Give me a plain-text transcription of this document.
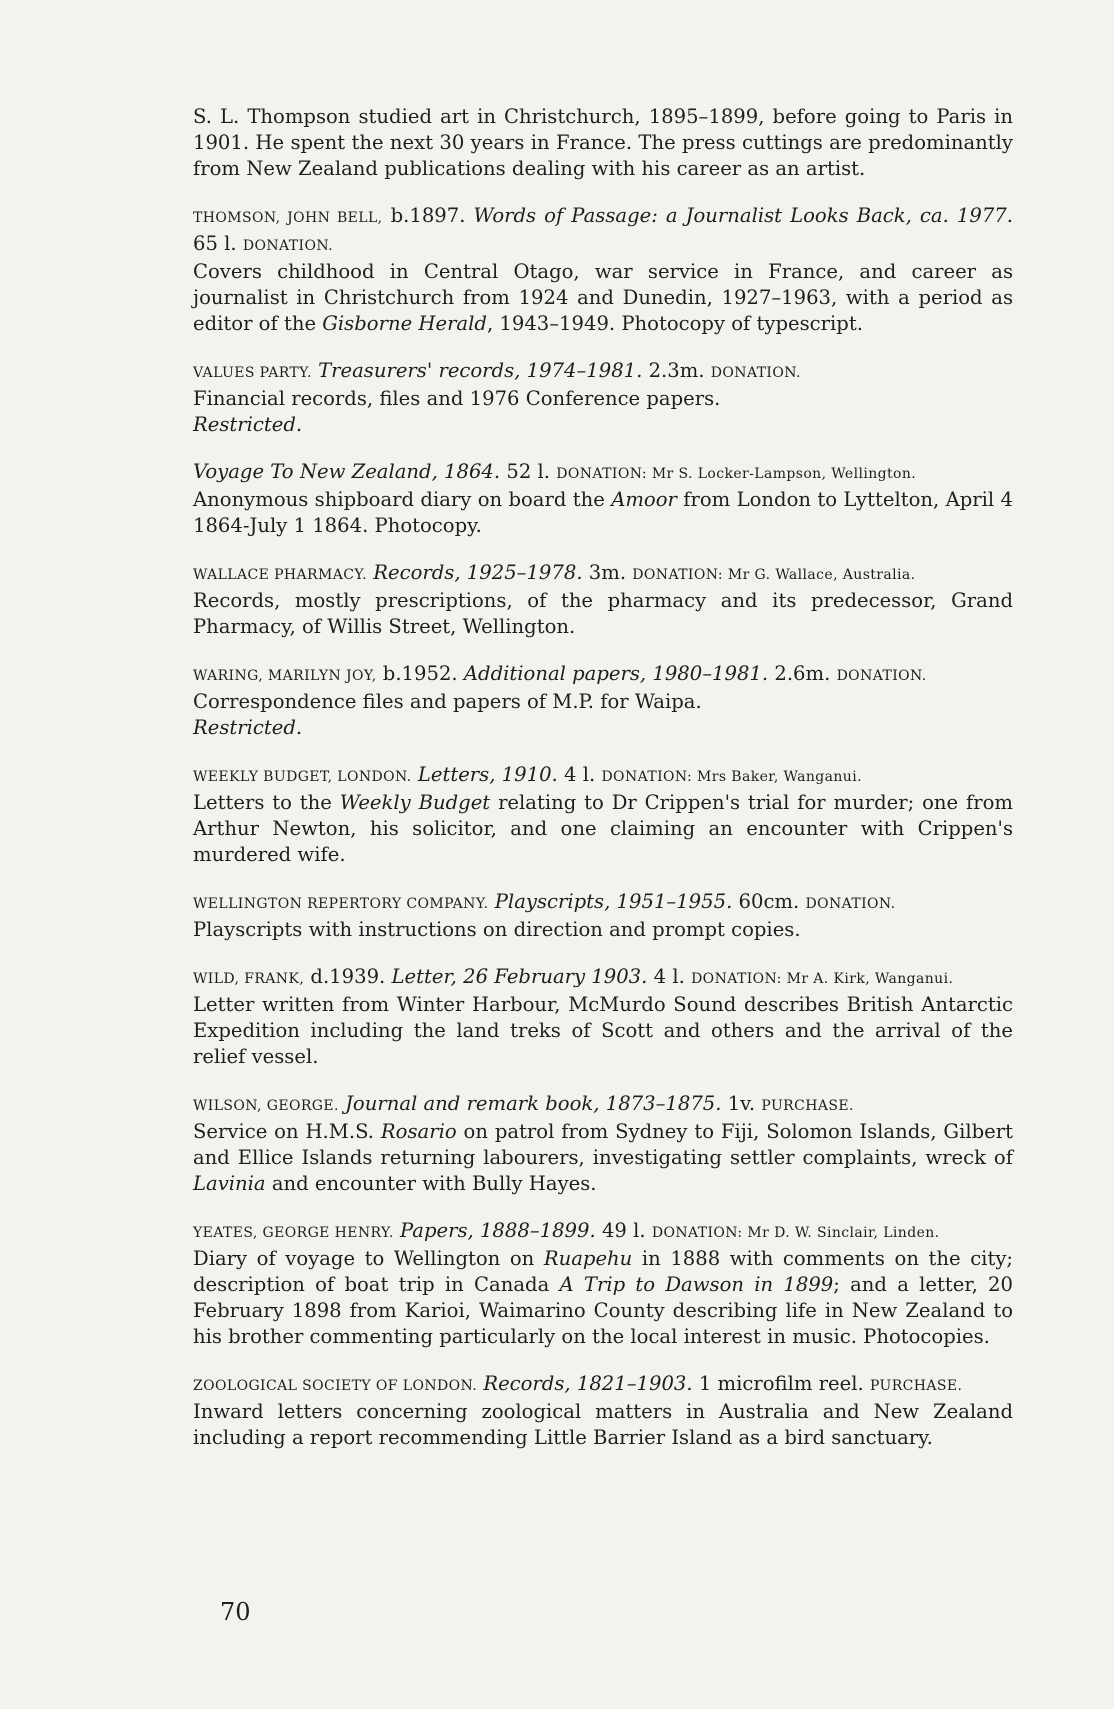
S. L. Thompson studied art in Christchurch, 1895–1899, before going to Paris in 1901. He spent the next 30 years in France. The press cuttings are predominantly from New Zealand publications dealing with his career as an artist.

THOMSON, JOHN BELL, b.1897. Words of Passage: a Journalist Looks Back, ca. 1977. 65 l. DONATION.

Covers childhood in Central Otago, war service in France, and career as journalist in Christchurch from 1924 and Dunedin, 1927–1963, with a period as editor of the Gisborne Herald, 1943–1949. Photocopy of typescript.

VALUES PARTY. Treasurers' records, 1974–1981. 2.3m. DONATION.

Financial records, files and 1976 Conference papers.

Restricted.

Voyage To New Zealand, 1864. 52 l. DONATION: Mr S. Locker-Lampson, Wellington.

Anonymous shipboard diary on board the Amoor from London to Lyttelton, April 4 1864-July 1 1864. Photocopy.

WALLACE PHARMACY. Records, 1925–1978. 3m. DONATION: Mr G. Wallace, Australia.

Records, mostly prescriptions, of the pharmacy and its predecessor, Grand Pharmacy, of Willis Street, Wellington.

WARING, MARILYN JOY, b.1952. Additional papers, 1980–1981. 2.6m. DONATION.

Correspondence files and papers of M.P. for Waipa.

Restricted.

WEEKLY BUDGET, LONDON. Letters, 1910. 4 l. DONATION: Mrs Baker, Wanganui.

Letters to the Weekly Budget relating to Dr Crippen's trial for murder; one from Arthur Newton, his solicitor, and one claiming an encounter with Crippen's murdered wife.

WELLINGTON REPERTORY COMPANY. Playscripts, 1951–1955. 60cm. DONATION.

Playscripts with instructions on direction and prompt copies.

WILD, FRANK, d.1939. Letter, 26 February 1903. 4 l. DONATION: Mr A. Kirk, Wanganui.

Letter written from Winter Harbour, McMurdo Sound describes British Antarctic Expedition including the land treks of Scott and others and the arrival of the relief vessel.

WILSON, GEORGE. Journal and remark book, 1873–1875. 1v. PURCHASE.

Service on H.M.S. Rosario on patrol from Sydney to Fiji, Solomon Islands, Gilbert and Ellice Islands returning labourers, investigating settler complaints, wreck of Lavinia and encounter with Bully Hayes.

YEATES, GEORGE HENRY. Papers, 1888–1899. 49 l. DONATION: Mr D. W. Sinclair, Linden.

Diary of voyage to Wellington on Ruapehu in 1888 with comments on the city; description of boat trip in Canada A Trip to Dawson in 1899; and a letter, 20 February 1898 from Karioi, Waimarino County describing life in New Zealand to his brother commenting particularly on the local interest in music. Photocopies.

ZOOLOGICAL SOCIETY OF LONDON. Records, 1821–1903. 1 microfilm reel. PURCHASE.

Inward letters concerning zoological matters in Australia and New Zealand including a report recommending Little Barrier Island as a bird sanctuary.

70
